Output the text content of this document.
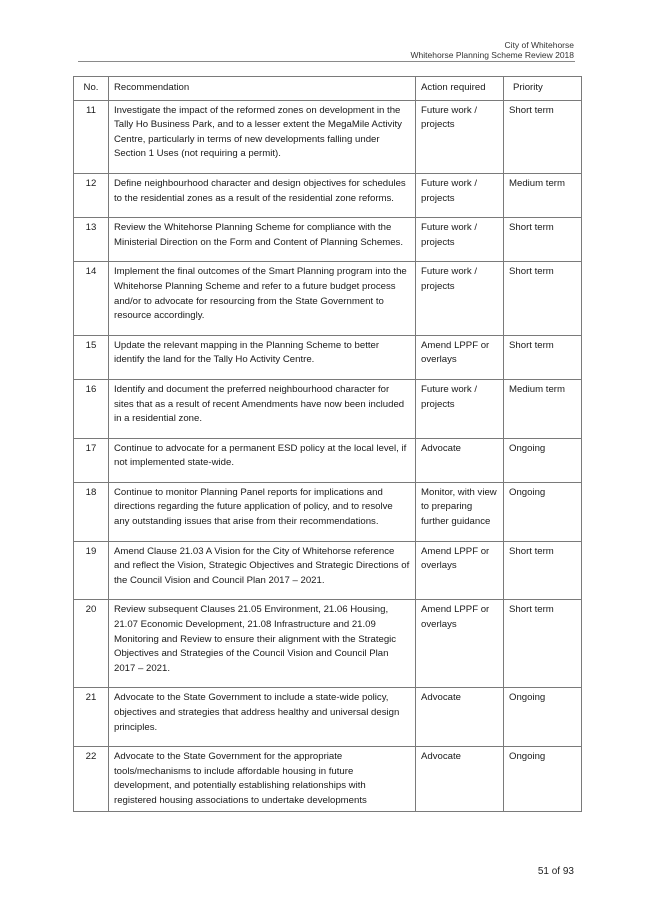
City of Whitehorse
Whitehorse Planning Scheme Review 2018
No.	Recommendation	Action required	Priority
11	Investigate the impact of the reformed zones on development in the Tally Ho Business Park, and to a lesser extent the MegaMile Activity Centre, particularly in terms of new developments falling under Section 1 Uses (not requiring a permit).	Future work / projects	Short term
12	Define neighbourhood character and design objectives for schedules to the residential zones as a result of the residential zone reforms.	Future work / projects	Medium term
13	Review the Whitehorse Planning Scheme for compliance with the Ministerial Direction on the Form and Content of Planning Schemes.	Future work / projects	Short term
14	Implement the final outcomes of the Smart Planning program into the Whitehorse Planning Scheme and refer to a future budget process and/or to advocate for resourcing from the State Government to resource accordingly.	Future work / projects	Short term
15	Update the relevant mapping in the Planning Scheme to better identify the land for the Tally Ho Activity Centre.	Amend LPPF or overlays	Short term
16	Identify and document the preferred neighbourhood character for sites that as a result of recent Amendments have now been included in a residential zone.	Future work / projects	Medium term
17	Continue to advocate for a permanent ESD policy at the local level, if not implemented state-wide.	Advocate	Ongoing
18	Continue to monitor Planning Panel reports for implications and directions regarding the future application of policy, and to resolve any outstanding issues that arise from their recommendations.	Monitor, with view to preparing further guidance	Ongoing
19	Amend Clause 21.03 A Vision for the City of Whitehorse reference and reflect the Vision, Strategic Objectives and Strategic Directions of the Council Vision and Council Plan 2017 – 2021.	Amend LPPF or overlays	Short term
20	Review subsequent Clauses 21.05 Environment, 21.06 Housing, 21.07 Economic Development, 21.08 Infrastructure and 21.09 Monitoring and Review to ensure their alignment with the Strategic Objectives and Strategies of the Council Vision and Council Plan 2017 – 2021.	Amend LPPF or overlays	Short term
21	Advocate to the State Government to include a state-wide policy, objectives and strategies that address healthy and universal design principles.	Advocate	Ongoing
22	Advocate to the State Government for the appropriate tools/mechanisms to include affordable housing in future development, and potentially establishing relationships with registered housing associations to undertake developments	Advocate	Ongoing
51 of 93
